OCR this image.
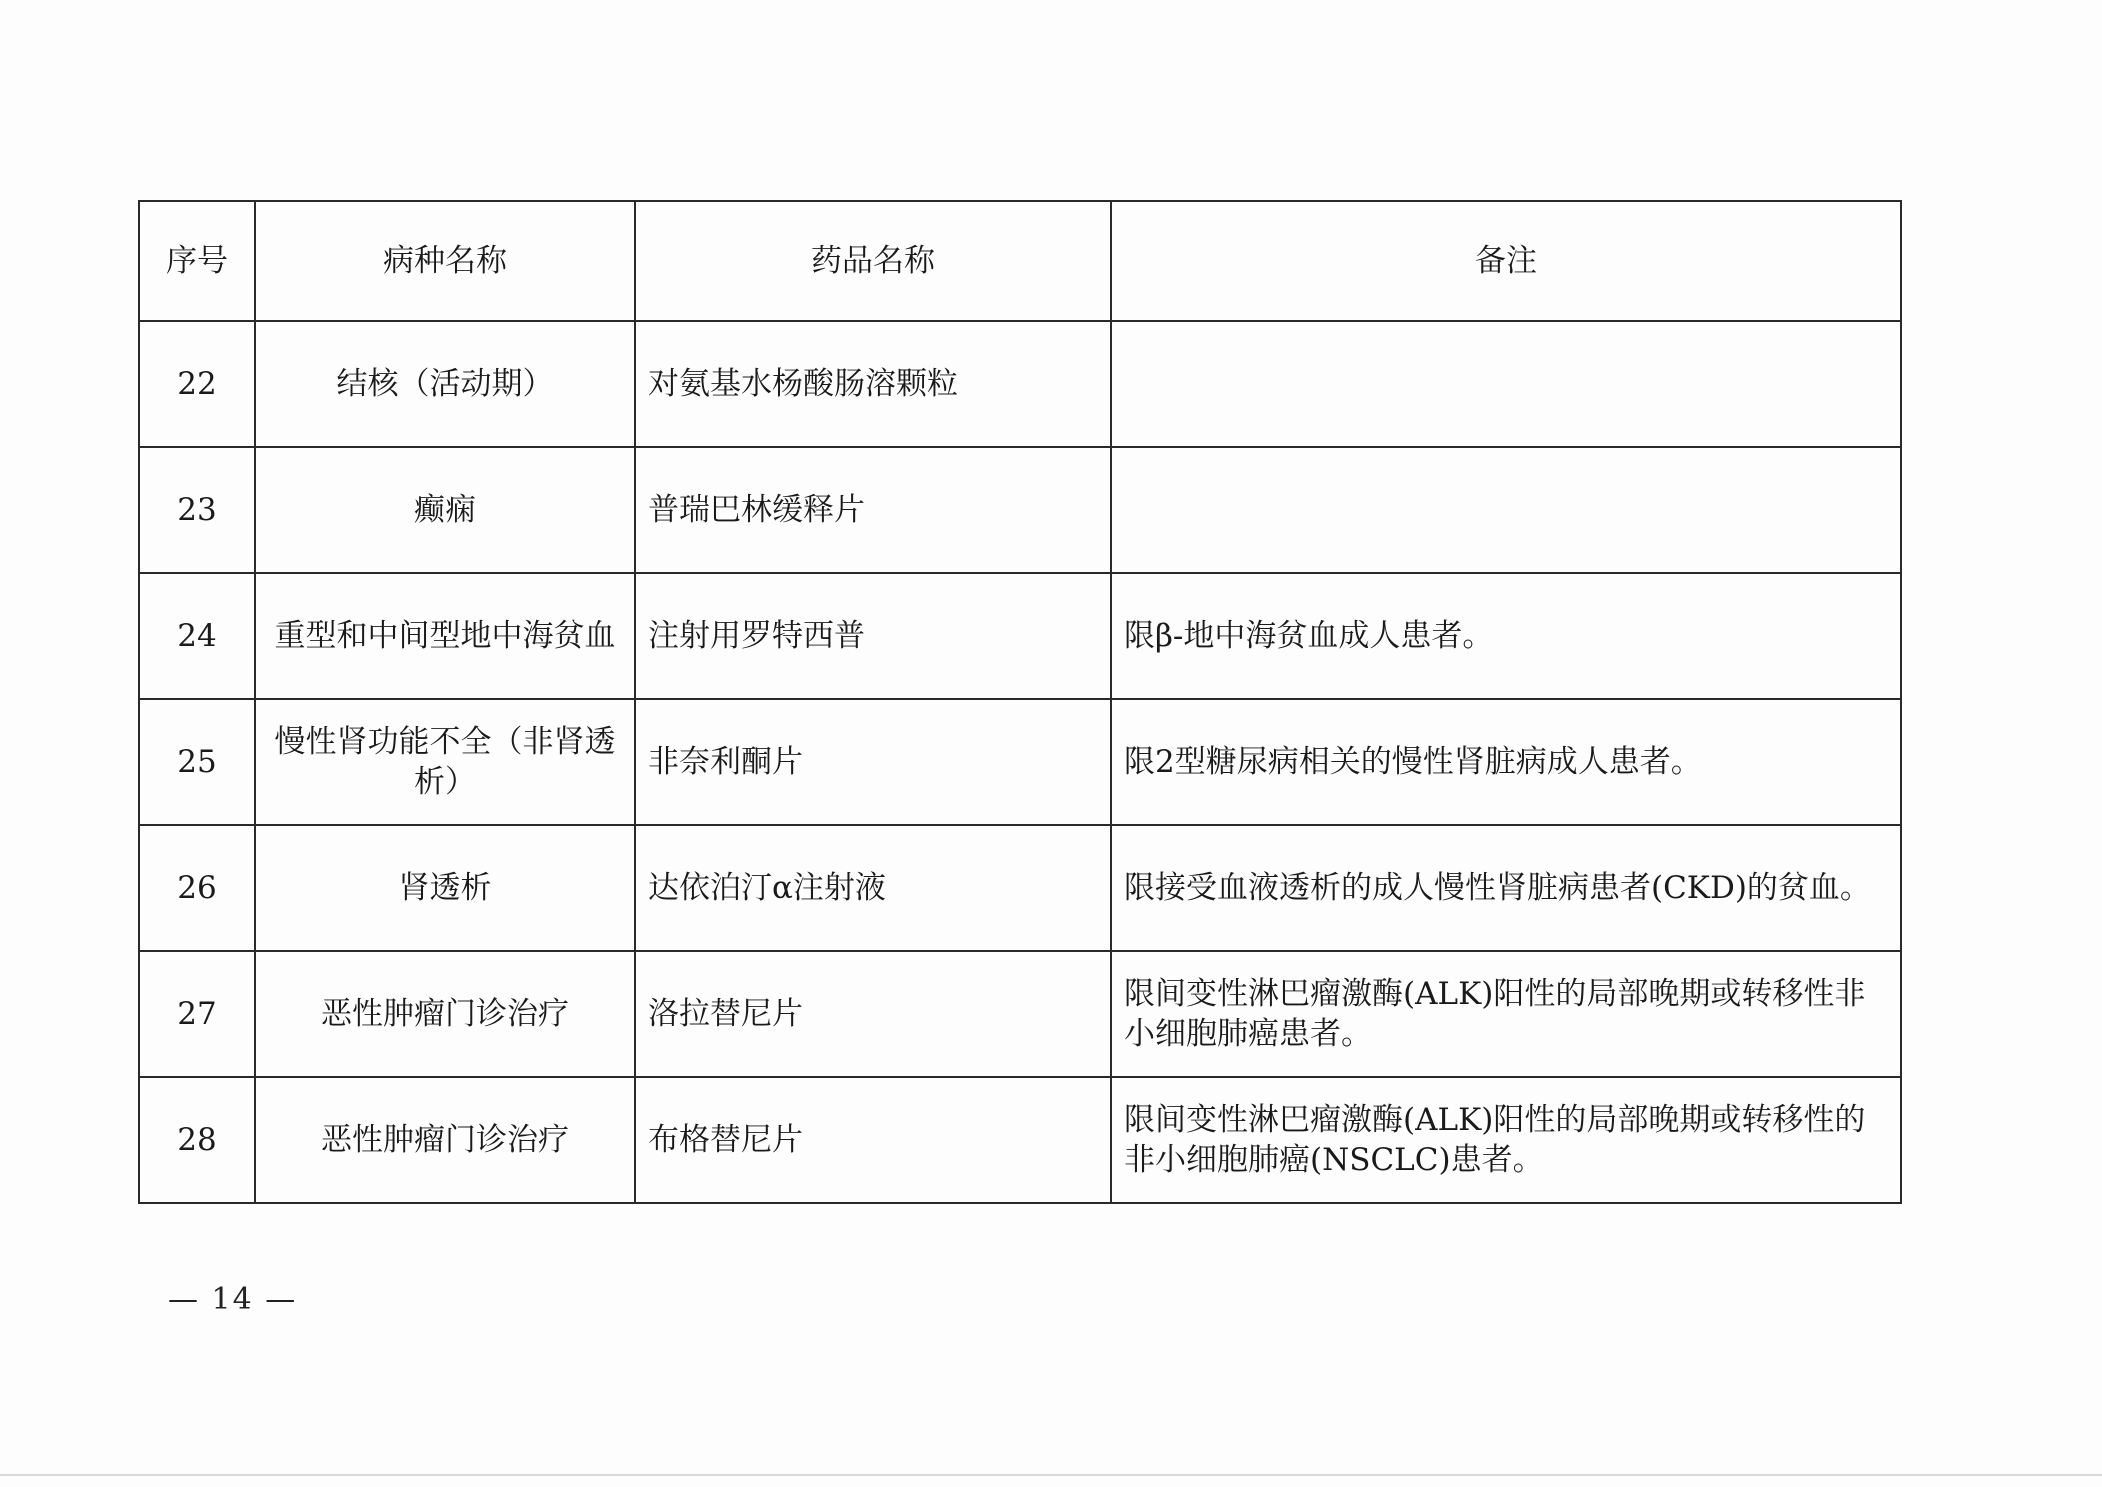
序号	病种名称	药品名称	备注
22	结核（活动期）	对氨基水杨酸肠溶颗粒	
23	癫痫	普瑞巴林缓释片	
24	重型和中间型地中海贫血	注射用罗特西普	限β-地中海贫血成人患者。
25	慢性肾功能不全（非肾透析）	非奈利酮片	限2型糖尿病相关的慢性肾脏病成人患者。
26	肾透析	达依泊汀α注射液	限接受血液透析的成人慢性肾脏病患者(CKD)的贫血。
27	恶性肿瘤门诊治疗	洛拉替尼片	限间变性淋巴瘤激酶(ALK)阳性的局部晚期或转移性非小细胞肺癌患者。
28	恶性肿瘤门诊治疗	布格替尼片	限间变性淋巴瘤激酶(ALK)阳性的局部晚期或转移性的非小细胞肺癌(NSCLC)患者。
— 14 —
